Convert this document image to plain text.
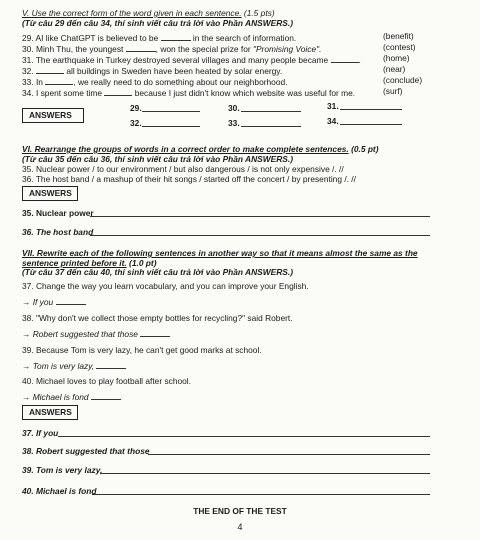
V. Use the correct form of the word given in each sentence. (1.5 pts)
(Từ câu 29 đến câu 34, thí sinh viết câu trả lời vào Phần ANSWERS.)
29. AI like ChatGPT is believed to be	in the search of information.	(benefit)
30. Minh Thu, the youngest	, won the special prize for "Promising Voice".	(contest)
31. The earthquake in Turkey destroyed several villages and many people became	.	(home)
32.	all buildings in Sweden have been heated by solar energy.	(near)
33. In	, we really need to do something about our neighborhood.	(conclude)
34. I spent some time	because I just didn't know which website was useful for me.	(surf)
ANSWERS
29.	30.	31.
32.	33.	34.
VI. Rearrange the groups of words in a correct order to make complete sentences. (0.5 pt)
(Từ câu 35 đến câu 36, thí sinh viết câu trả lời vào Phần ANSWERS.)
35. Nuclear power / to our environment / but also dangerous / is not only expensive /. //
36. The host band / a mashup of their hit songs / started off the concert / by presenting /. //
ANSWERS
35. Nuclear power
36. The host band
VII. Rewrite each of the following sentences in another way so that it means almost the same as the
sentence printed before it. (1.0 pt)
(Từ câu 37 đến câu 40, thí sinh viết câu trả lời vào Phần ANSWERS.)
37. Change the way you learn vocabulary, and you can improve your English.
→ If you
38. "Why don't we collect those empty bottles for recycling?" said Robert.
→ Robert suggested that those
39. Because Tom is very lazy, he can't get good marks at school.
→ Tom is very lazy,
40. Michael loves to play football after school.
→ Michael is fond
ANSWERS
37. If you
38. Robert suggested that those
39. Tom is very lazy,
40. Michael is fond
THE END OF THE TEST
4
